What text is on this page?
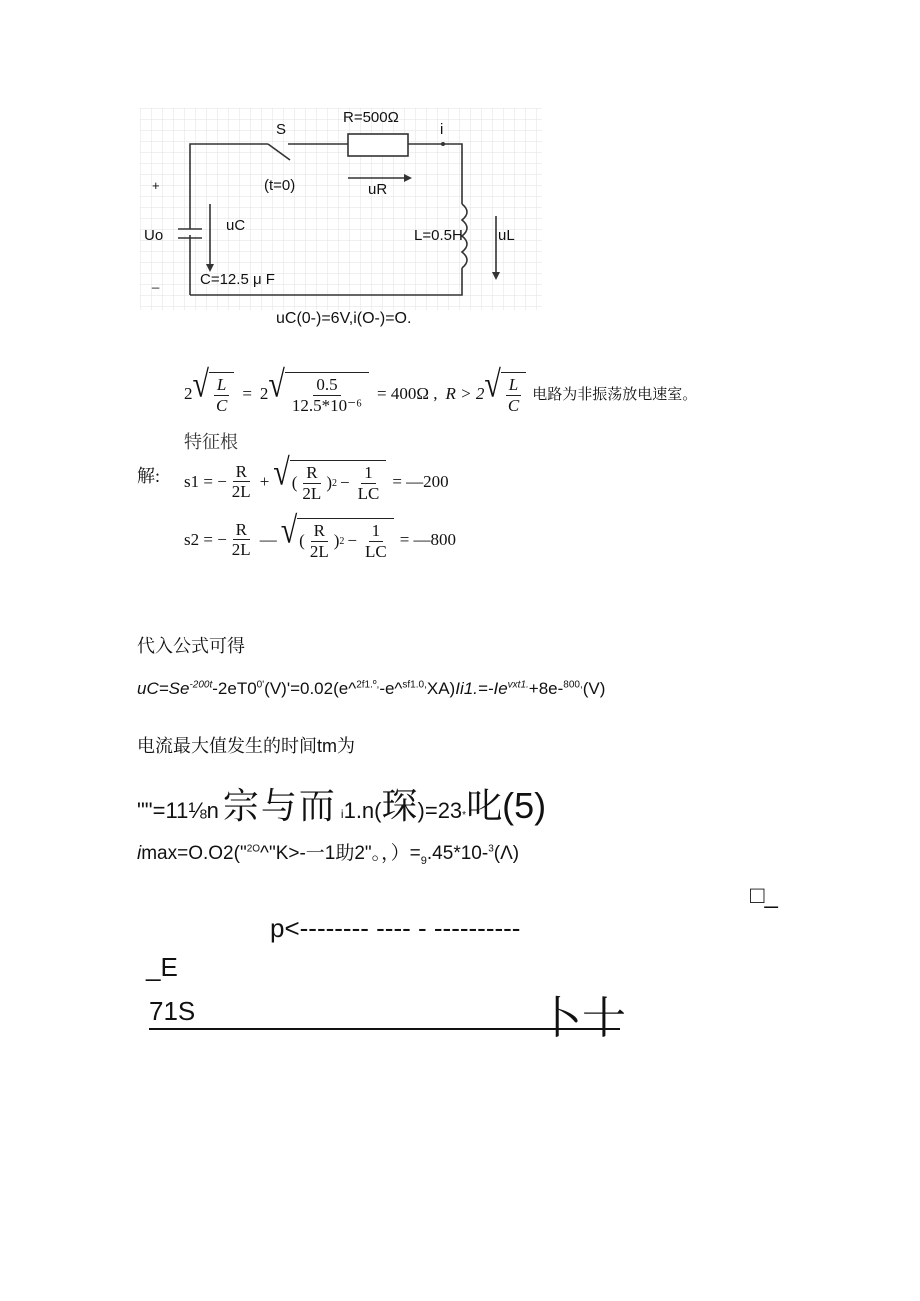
R=500Ω
i
S
(t=0)	uR
Uo
uC
L=0.5H uL
C=12.5 μ F
+
_
uC(0-)=6V,i(O-)=O.
2 √ $\frac{L}{C} = 2$ √ $\frac{0.5}{\text{12.5*10⁻⁶}} = 400\Omega$ , R > 2 √ $\frac{L}{C}$ 电路为非振荡放电速室。
特征根
解: s1 = − $\frac{R}{2L}$ + √ ( $\frac{R}{2L}$ ) $2 - \frac{1}{LC}$ = —200
s2 = − $\frac{R}{2L}$ — √ ( $\frac{R}{2L}$ ) $2 - \frac{1}{LC}$ = —800
代入公式可得
$uC=Se^{-200t}-2eT0^{0'}(V)'=0.02(e\^{}^{2f1.º,}-e\^{}^{sf1.0,}XA)Ii1.=-Ie^{vxt1.}+8e-^{800,}(V)$
电流最大值发生的时间tm为
""=11⅛n 宗与而 $_i$ 1.n( 琛 )$=23_*$ 叱(5)
imax=O.O2("$^{2O}$^"K>-一1助2"。，）$=_9.45*10-^3(\Lambda)$
□_
p<------‐‐ ---- ‐ ----------
_E
71S	卜十
